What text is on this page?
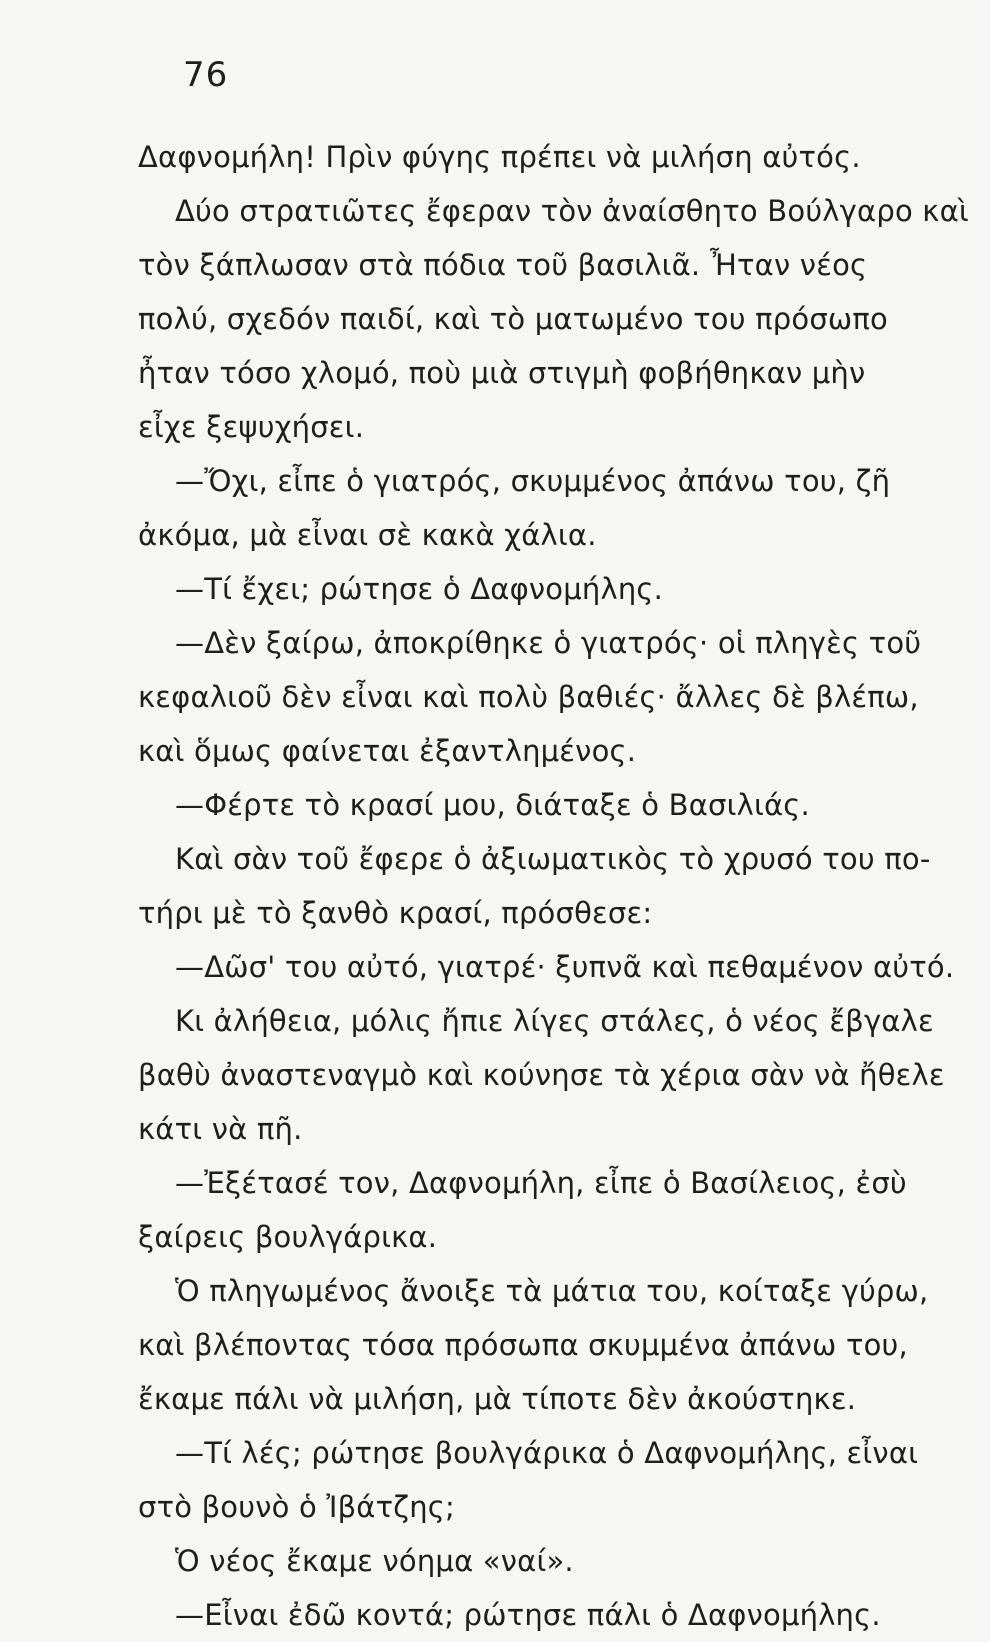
76
Δαφνομήλη! Πρὶν φύγης πρέπει νὰ μιλήση αὐτός.
Δύο στρατιῶτες ἔφεραν τὸν ἀναίσθητο Βούλγαρο καὶ
τὸν ξάπλωσαν στὰ πόδια τοῦ βασιλιᾶ. Ἦταν νέος
πολύ, σχεδόν παιδί, καὶ τὸ ματωμένο του πρόσωπο
ἦταν τόσο χλομό, ποὺ μιὰ στιγμὴ φοβήθηκαν μὴν
εἶχε ξεψυχήσει.
—Ὄχι, εἶπε ὁ γιατρός, σκυμμένος ἀπάνω του, ζῆ
ἀκόμα, μὰ εἶναι σὲ κακὰ χάλια.
—Τί ἔχει; ρώτησε ὁ Δαφνομήλης.
—Δὲν ξαίρω, ἀποκρίθηκε ὁ γιατρός· οἱ πληγὲς τοῦ
κεφαλιοῦ δὲν εἶναι καὶ πολὺ βαθιές· ἄλλες δὲ βλέπω,
καὶ ὅμως φαίνεται ἐξαντλημένος.
—Φέρτε τὸ κρασί μου, διάταξε ὁ Βασιλιάς.
Καὶ σὰν τοῦ ἔφερε ὁ ἀξιωματικὸς τὸ χρυσό του πο-
τήρι μὲ τὸ ξανθὸ κρασί, πρόσθεσε:
—Δῶσ' του αὐτό, γιατρέ· ξυπνᾶ καὶ πεθαμένον αὐτό.
Κι ἀλήθεια, μόλις ἤπιε λίγες στάλες, ὁ νέος ἔβγαλε
βαθὺ ἀναστεναγμὸ καὶ κούνησε τὰ χέρια σὰν νὰ ἤθελε
κάτι νὰ πῆ.
—Ἐξέτασέ τον, Δαφνομήλη, εἶπε ὁ Βασίλειος, ἐσὺ
ξαίρεις βουλγάρικα.
Ὁ πληγωμένος ἄνοιξε τὰ μάτια του, κοίταξε γύρω,
καὶ βλέποντας τόσα πρόσωπα σκυμμένα ἀπάνω του,
ἔκαμε πάλι νὰ μιλήση, μὰ τίποτε δὲν ἀκούστηκε.
—Τί λές; ρώτησε βουλγάρικα ὁ Δαφνομήλης, εἶναι
στὸ βουνὸ ὁ Ἰβάτζης;
Ὁ νέος ἔκαμε νόημα «ναί».
—Εἶναι ἐδῶ κοντά; ρώτησε πάλι ὁ Δαφνομήλης.
